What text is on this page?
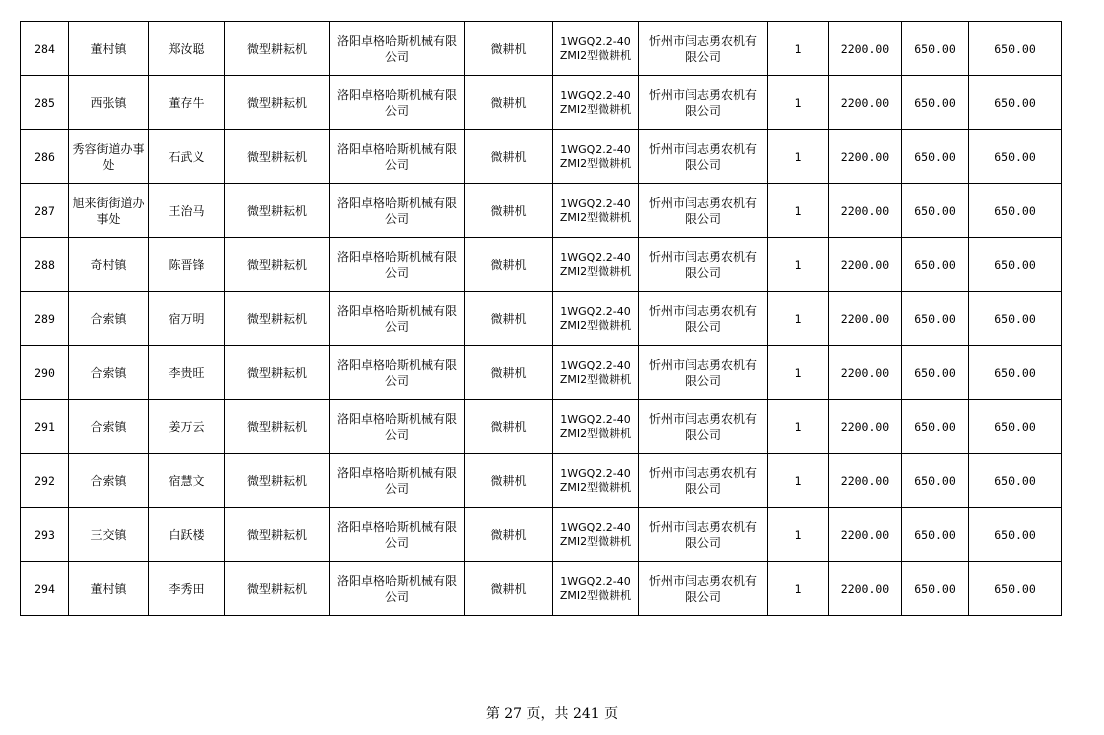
284	董村镇	郑汝聪	微型耕耘机	洛阳卓格哈斯机械有限公司	微耕机	1WGQ2.2-40ZMI2型微耕机	忻州市闫志勇农机有限公司	1	2200.00	650.00	650.00
285	西张镇	董存牛	微型耕耘机	洛阳卓格哈斯机械有限公司	微耕机	1WGQ2.2-40ZMI2型微耕机	忻州市闫志勇农机有限公司	1	2200.00	650.00	650.00
286	秀容街道办事处	石武义	微型耕耘机	洛阳卓格哈斯机械有限公司	微耕机	1WGQ2.2-40ZMI2型微耕机	忻州市闫志勇农机有限公司	1	2200.00	650.00	650.00
287	旭来街街道办事处	王治马	微型耕耘机	洛阳卓格哈斯机械有限公司	微耕机	1WGQ2.2-40ZMI2型微耕机	忻州市闫志勇农机有限公司	1	2200.00	650.00	650.00
288	奇村镇	陈晋锋	微型耕耘机	洛阳卓格哈斯机械有限公司	微耕机	1WGQ2.2-40ZMI2型微耕机	忻州市闫志勇农机有限公司	1	2200.00	650.00	650.00
289	合索镇	宿万明	微型耕耘机	洛阳卓格哈斯机械有限公司	微耕机	1WGQ2.2-40ZMI2型微耕机	忻州市闫志勇农机有限公司	1	2200.00	650.00	650.00
290	合索镇	李贵旺	微型耕耘机	洛阳卓格哈斯机械有限公司	微耕机	1WGQ2.2-40ZMI2型微耕机	忻州市闫志勇农机有限公司	1	2200.00	650.00	650.00
291	合索镇	姜万云	微型耕耘机	洛阳卓格哈斯机械有限公司	微耕机	1WGQ2.2-40ZMI2型微耕机	忻州市闫志勇农机有限公司	1	2200.00	650.00	650.00
292	合索镇	宿慧文	微型耕耘机	洛阳卓格哈斯机械有限公司	微耕机	1WGQ2.2-40ZMI2型微耕机	忻州市闫志勇农机有限公司	1	2200.00	650.00	650.00
293	三交镇	白跃楼	微型耕耘机	洛阳卓格哈斯机械有限公司	微耕机	1WGQ2.2-40ZMI2型微耕机	忻州市闫志勇农机有限公司	1	2200.00	650.00	650.00
294	董村镇	李秀田	微型耕耘机	洛阳卓格哈斯机械有限公司	微耕机	1WGQ2.2-40ZMI2型微耕机	忻州市闫志勇农机有限公司	1	2200.00	650.00	650.00
第 27 页，共 241 页
